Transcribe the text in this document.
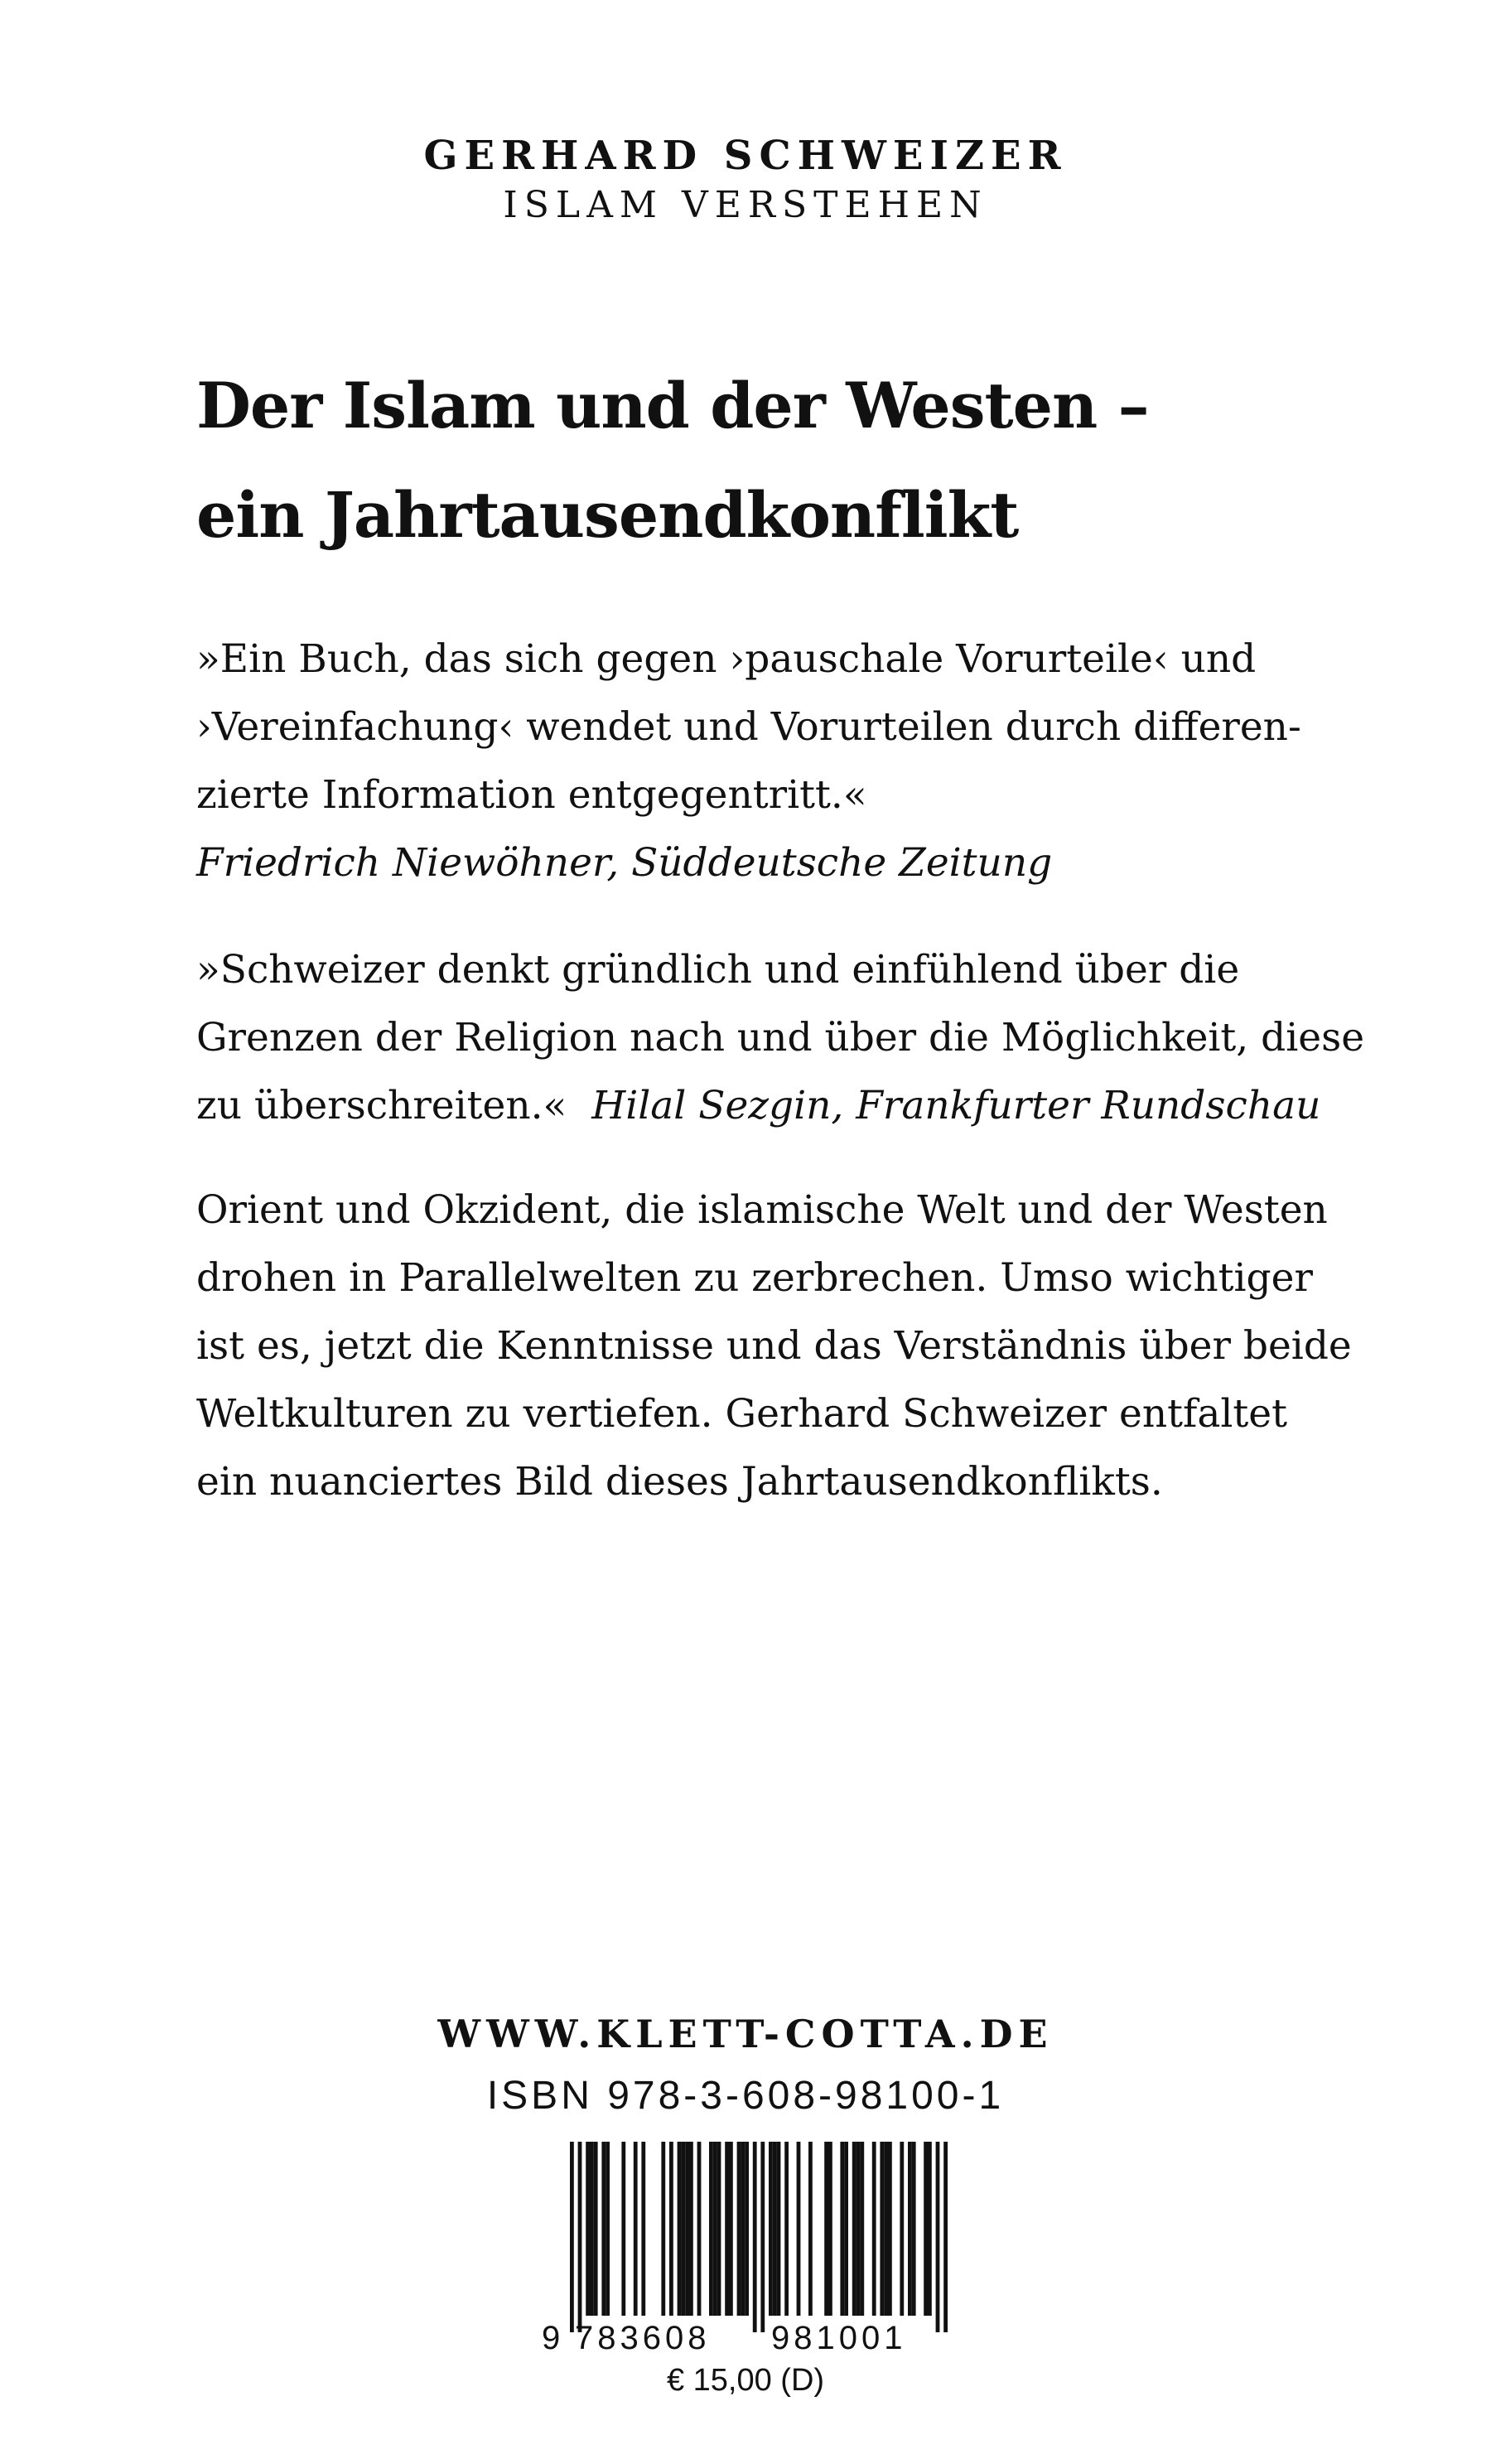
GERHARD SCHWEIZER

ISLAM VERSTEHEN

Der Islam und der Westen –
ein Jahrtausendkonflikt
»Ein Buch, das sich gegen ›pauschale Vorurteile‹ und
›Vereinfachung‹ wendet und Vorurteilen durch differen-
zierte Information entgegentritt.«
Friedrich Niewöhner, Süddeutsche Zeitung
»Schweizer denkt gründlich und einfühlend über die
Grenzen der Religion nach und über die Möglichkeit, diese
zu überschreiten.« Hilal Sezgin, Frankfurter Rundschau
Orient und Okzident, die islamische Welt und der Westen
drohen in Parallelwelten zu zerbrechen. Umso wichtiger
ist es, jetzt die Kenntnisse und das Verständnis über beide
Weltkulturen zu vertiefen. Gerhard Schweizer entfaltet
ein nuanciertes Bild dieses Jahrtausendkonflikts.

WWW.KLETT-COTTA.DE

ISBN 978-3-608-98100-1

9 783608 981001

€ 15,00 (D)
